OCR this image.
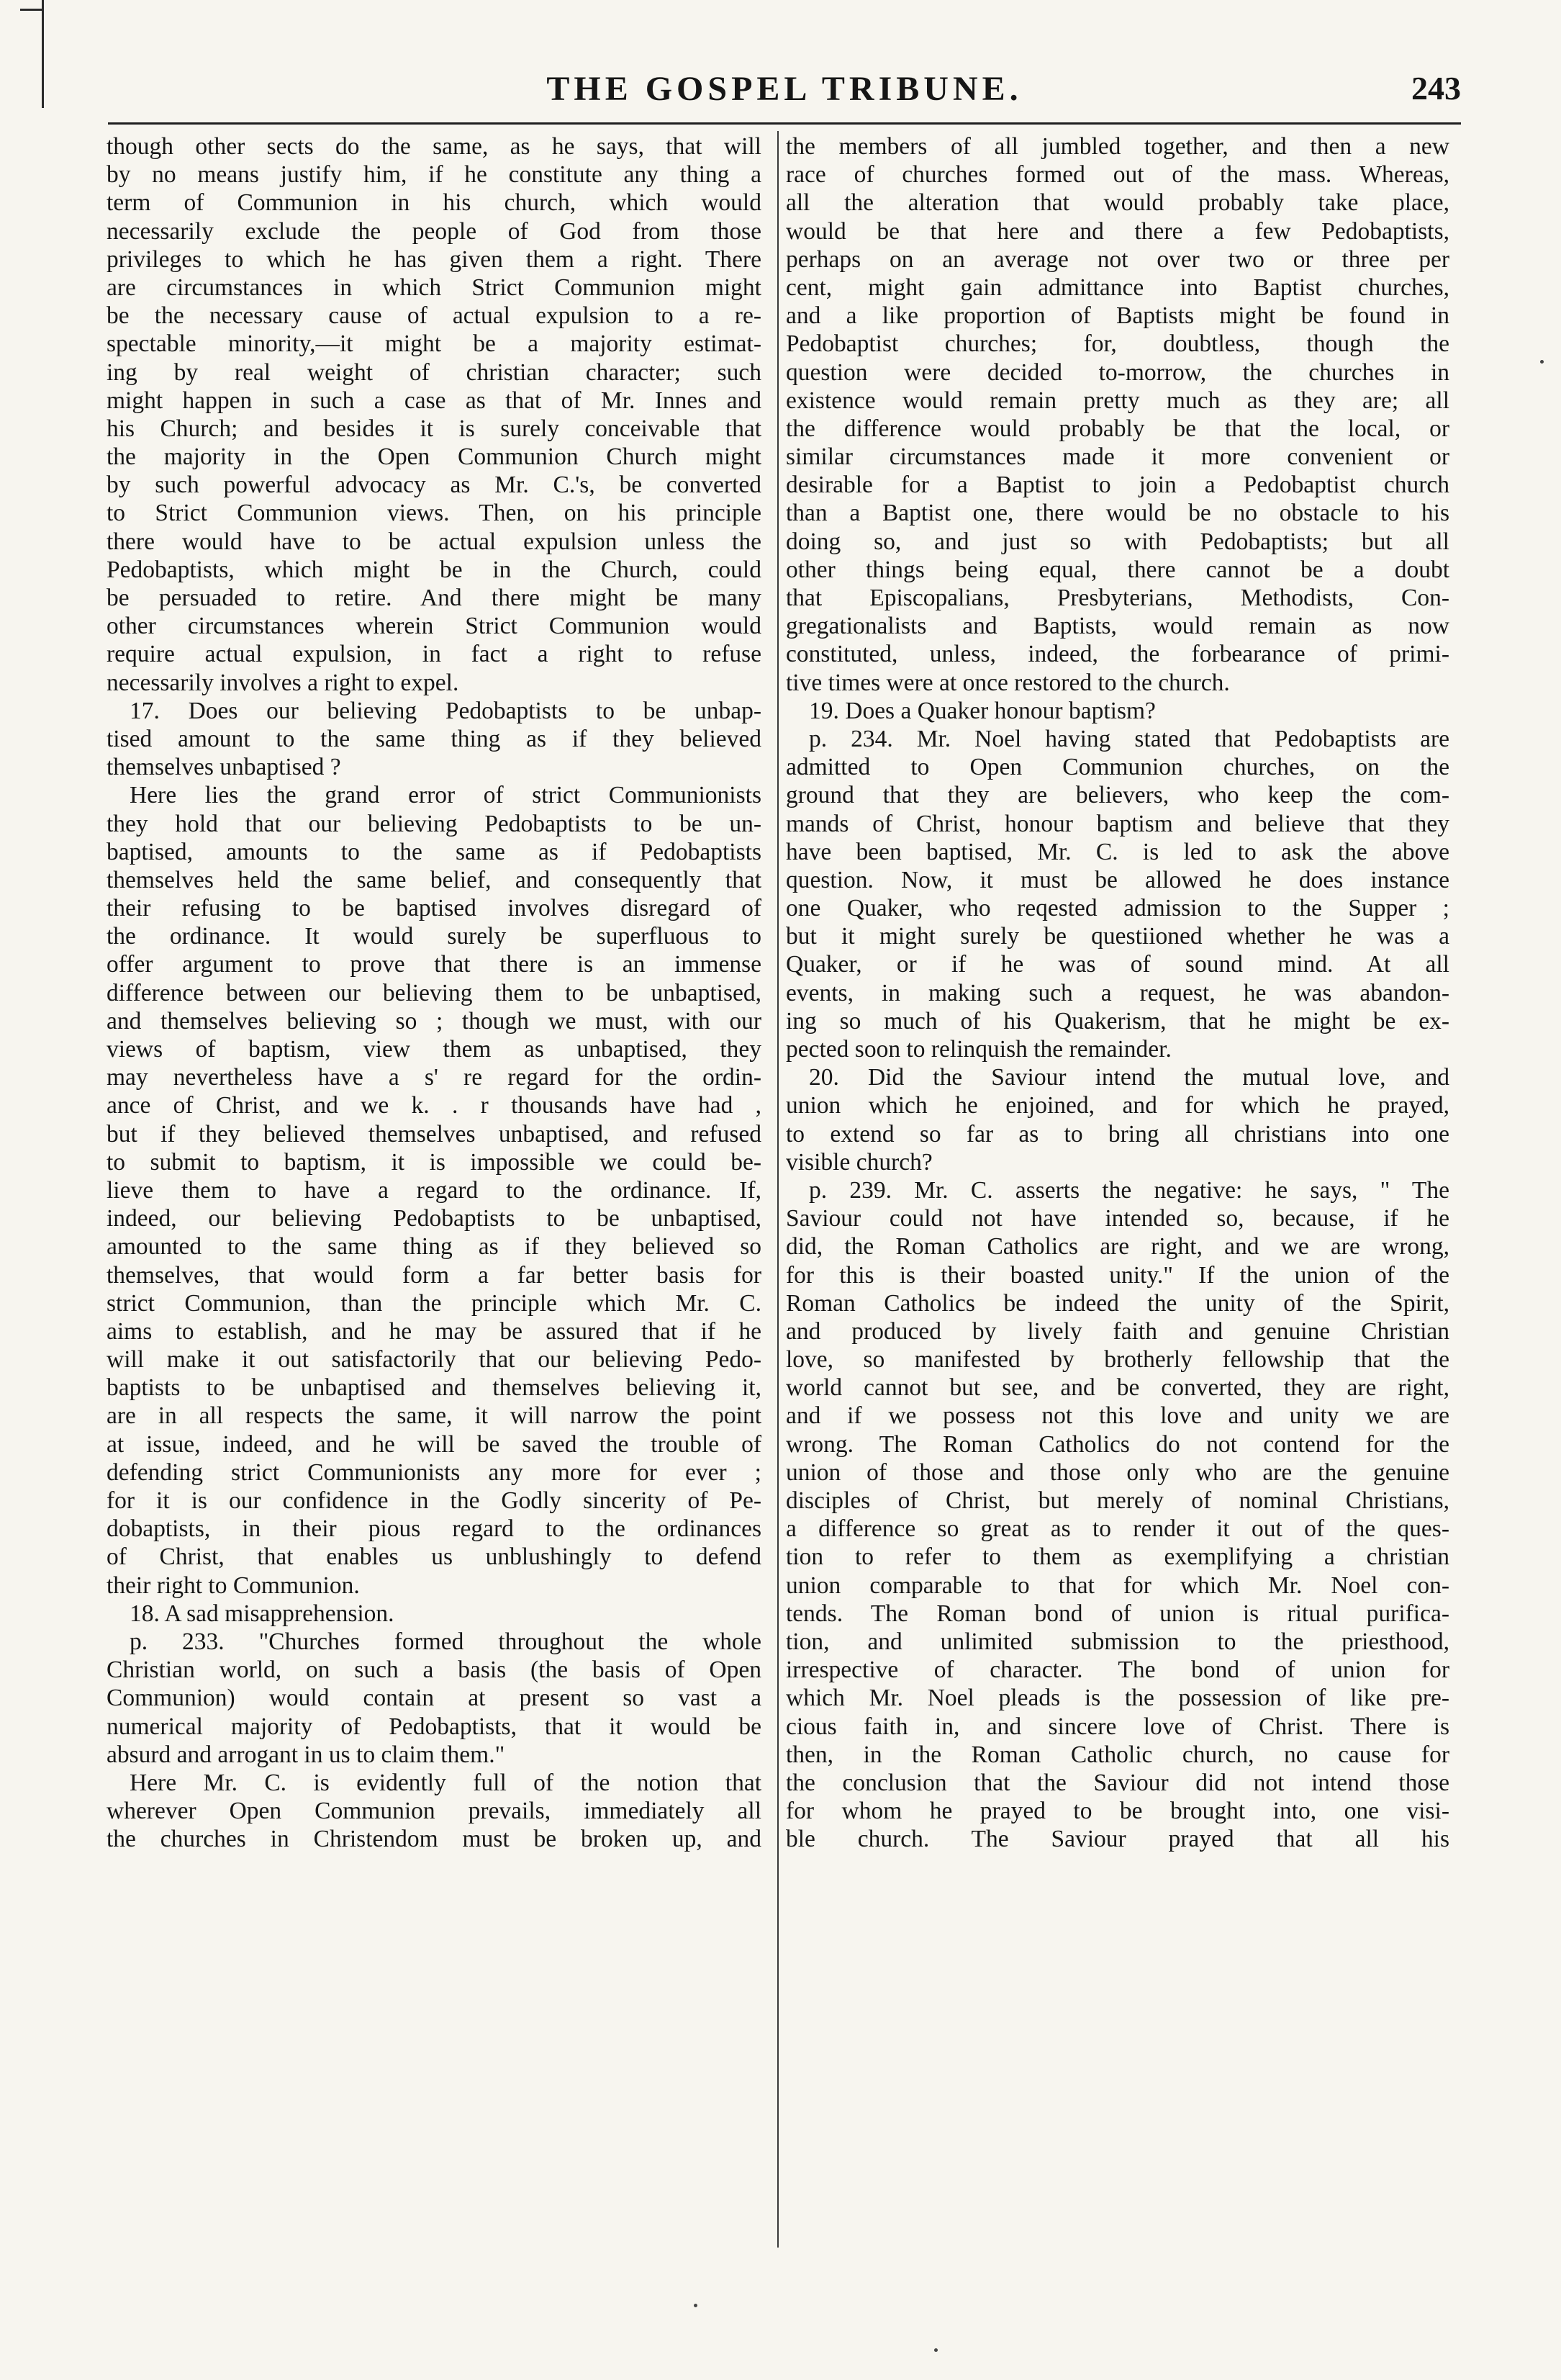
THE GOSPEL TRIBUNE.	243
though other sects do the same, as he says, that will
by no means justify him, if he constitute any thing a
term of Communion in his church, which would
necessarily exclude the people of God from those
privileges to which he has given them a right. There
are circumstances in which Strict Communion might
be the necessary cause of actual expulsion to a re-
spectable minority,—it might be a majority estimat-
ing by real weight of christian character; such
might happen in such a case as that of Mr. Innes and
his Church; and besides it is surely conceivable that
the majority in the Open Communion Church might
by such powerful advocacy as Mr. C.'s, be converted
to Strict Communion views. Then, on his principle
there would have to be actual expulsion unless the
Pedobaptists, which might be in the Church, could
be persuaded to retire. And there might be many
other circumstances wherein Strict Communion would
require actual expulsion, in fact a right to refuse
necessarily involves a right to expel.
17. Does our believing Pedobaptists to be unbap-
tised amount to the same thing as if they believed
themselves unbaptised ?
Here lies the grand error of strict Communionists
they hold that our believing Pedobaptists to be un-
baptised, amounts to the same as if Pedobaptists
themselves held the same belief, and consequently that
their refusing to be baptised involves disregard of
the ordinance. It would surely be superfluous to
offer argument to prove that there is an immense
difference between our believing them to be unbaptised,
and themselves believing so ; though we must, with our
views of baptism, view them as unbaptised, they
may nevertheless have a s' re regard for the ordin-
ance of Christ, and we k. . r thousands have had ,
but if they believed themselves unbaptised, and refused
to submit to baptism, it is impossible we could be-
lieve them to have a regard to the ordinance. If,
indeed, our believing Pedobaptists to be unbaptised,
amounted to the same thing as if they believed so
themselves, that would form a far better basis for
strict Communion, than the principle which Mr. C.
aims to establish, and he may be assured that if he
will make it out satisfactorily that our believing Pedo-
baptists to be unbaptised and themselves believing it,
are in all respects the same, it will narrow the point
at issue, indeed, and he will be saved the trouble of
defending strict Communionists any more for ever ;
for it is our confidence in the Godly sincerity of Pe-
dobaptists, in their pious regard to the ordinances
of Christ, that enables us unblushingly to defend
their right to Communion.
18. A sad misapprehension.
p. 233. "Churches formed throughout the whole
Christian world, on such a basis (the basis of Open
Communion) would contain at present so vast a
numerical majority of Pedobaptists, that it would be
absurd and arrogant in us to claim them."
Here Mr. C. is evidently full of the notion that
wherever Open Communion prevails, immediately all
the churches in Christendom must be broken up, and
the members of all jumbled together, and then a new
race of churches formed out of the mass. Whereas,
all the alteration that would probably take place,
would be that here and there a few Pedobaptists,
perhaps on an average not over two or three per
cent, might gain admittance into Baptist churches,
and a like proportion of Baptists might be found in
Pedobaptist churches; for, doubtless, though the
question were decided to-morrow, the churches in
existence would remain pretty much as they are; all
the difference would probably be that the local, or
similar circumstances made it more convenient or
desirable for a Baptist to join a Pedobaptist church
than a Baptist one, there would be no obstacle to his
doing so, and just so with Pedobaptists; but all
other things being equal, there cannot be a doubt
that Episcopalians, Presbyterians, Methodists, Con-
gregationalists and Baptists, would remain as now
constituted, unless, indeed, the forbearance of primi-
tive times were at once restored to the church.
19. Does a Quaker honour baptism?
p. 234. Mr. Noel having stated that Pedobaptists are
admitted to Open Communion churches, on the
ground that they are believers, who keep the com-
mands of Christ, honour baptism and believe that they
have been baptised, Mr. C. is led to ask the above
question. Now, it must be allowed he does instance
one Quaker, who reqested admission to the Supper ;
but it might surely be questiioned whether he was a
Quaker, or if he was of sound mind. At all
events, in making such a request, he was abandon-
ing so much of his Quakerism, that he might be ex-
pected soon to relinquish the remainder.
20. Did the Saviour intend the mutual love, and
union which he enjoined, and for which he prayed,
to extend so far as to bring all christians into one
visible church?
p. 239. Mr. C. asserts the negative: he says, " The
Saviour could not have intended so, because, if he
did, the Roman Catholics are right, and we are wrong,
for this is their boasted unity." If the union of the
Roman Catholics be indeed the unity of the Spirit,
and produced by lively faith and genuine Christian
love, so manifested by brotherly fellowship that the
world cannot but see, and be converted, they are right,
and if we possess not this love and unity we are
wrong. The Roman Catholics do not contend for the
union of those and those only who are the genuine
disciples of Christ, but merely of nominal Christians,
a difference so great as to render it out of the ques-
tion to refer to them as exemplifying a christian
union comparable to that for which Mr. Noel con-
tends. The Roman bond of union is ritual purifica-
tion, and unlimited submission to the priesthood,
irrespective of character. The bond of union for
which Mr. Noel pleads is the possession of like pre-
cious faith in, and sincere love of Christ. There is
then, in the Roman Catholic church, no cause for
the conclusion that the Saviour did not intend those
for whom he prayed to be brought into, one visi-
ble church. The Saviour prayed that all his
